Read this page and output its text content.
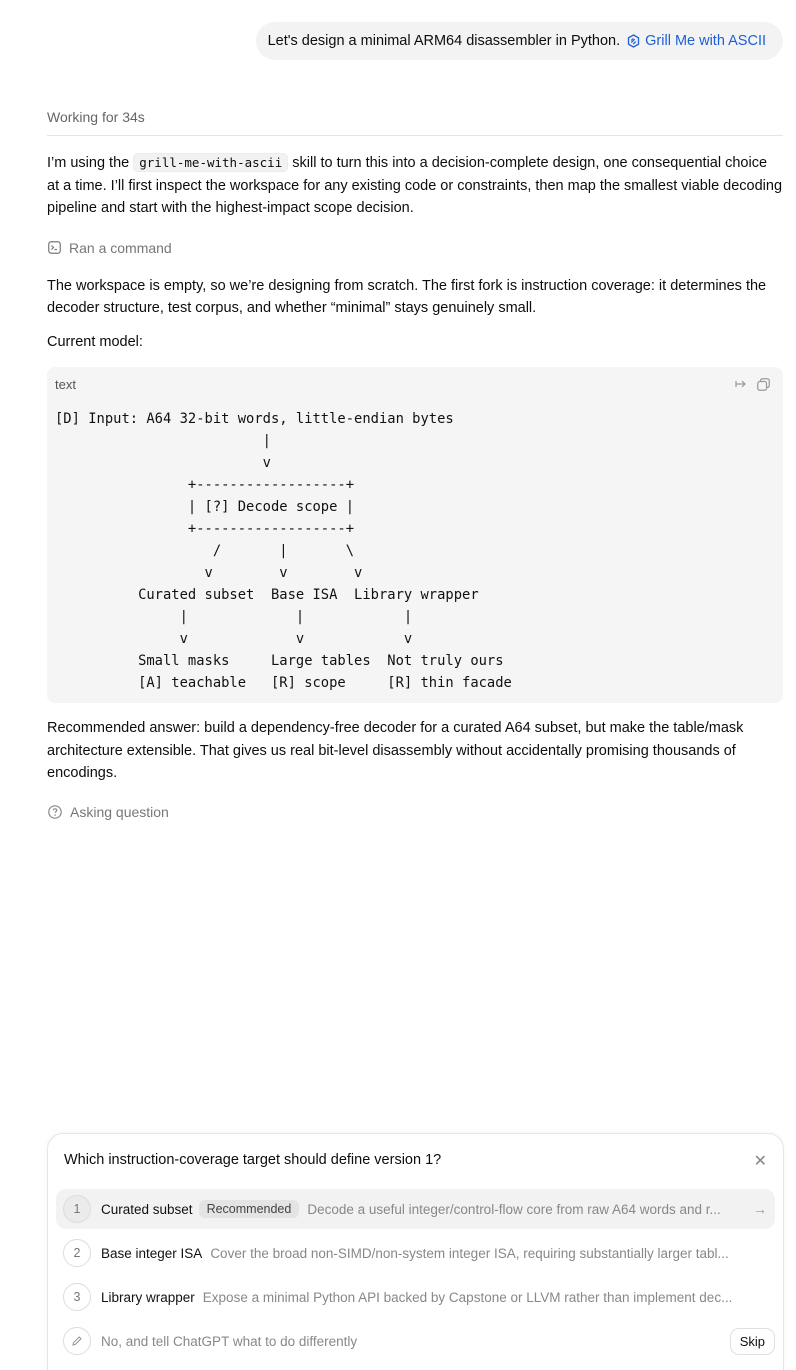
Let's design a minimal ARM64 disassembler in Python. Grill Me with ASCII
Working for 34s

I’m using the grill-me-with-ascii skill to turn this into a decision-complete design, one consequential choice at a time. I’ll first inspect the workspace for any existing code or constraints, then map the smallest viable decoding pipeline and start with the highest-impact scope decision.

Ran a command

The workspace is empty, so we’re designing from scratch. The first fork is instruction coverage: it determines the decoder structure, test corpus, and whether “minimal” stays genuinely small.

Current model:

text
[D] Input: A64 32-bit words, little-endian bytes
|
v
+------------------+
| [?] Decode scope |
+------------------+
/       |       \
v        v        v
Curated subset  Base ISA  Library wrapper
|             |            |
v             v            v
Small masks     Large tables  Not truly ours
[A] teachable   [R] scope     [R] thin facade

Recommended answer: build a dependency-free decoder for a curated A64 subset, but make the table/mask architecture extensible. That gives us real bit-level disassembly without accidentally promising thousands of encodings.

Asking question
Which instruction-coverage target should define version 1?	✕
1	Curated subset	Recommended	Decode a useful integer/control-flow core from raw A64 words and r...	→
2	Base integer ISA Cover the broad non-SIMD/non-system integer ISA, requiring substantially larger tabl...
3	Library wrapper Expose a minimal Python API backed by Capstone or LLVM rather than implement dec...
No, and tell ChatGPT what to do differently	Skip
